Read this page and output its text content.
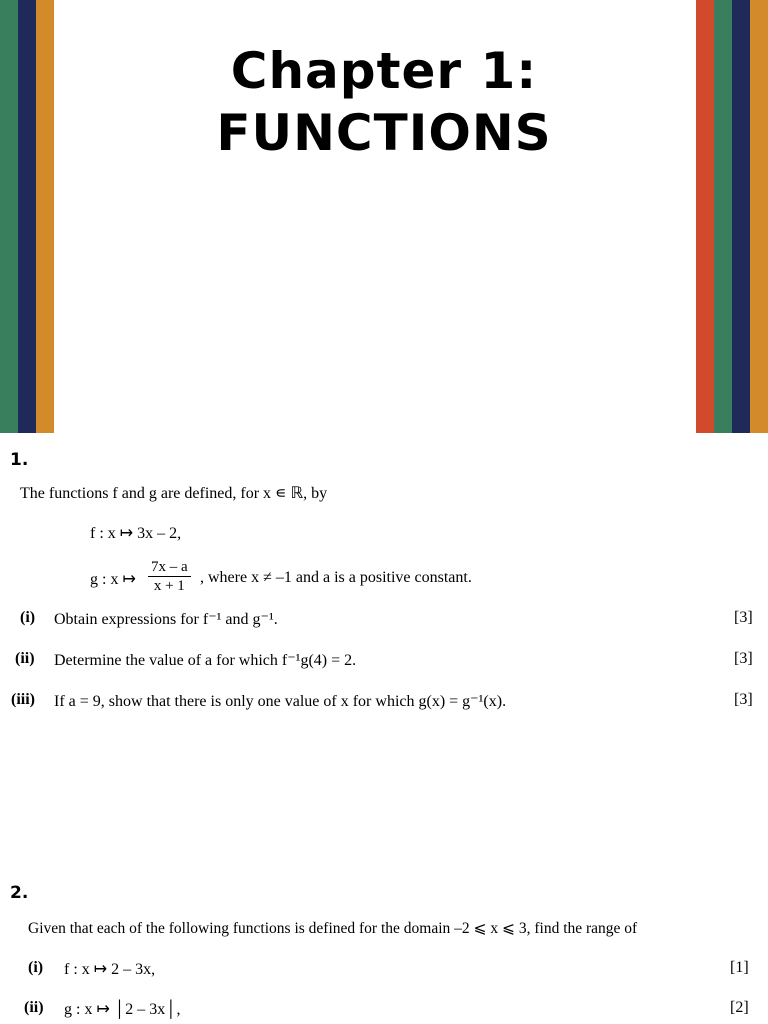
Chapter 1:
FUNCTIONS
1.
The functions f and g are defined, for x ∊ ℝ, by
f : x ↦ 3x – 2,
g : x ↦ $\frac{7x - a}{x + 1}$ , where x ≠ –1 and a is a positive constant.
(i) Obtain expressions for f⁻¹ and g⁻¹.	[3]
(ii) Determine the value of a for which f⁻¹g(4) = 2.	[3]
(iii) If a = 9, show that there is only one value of x for which g(x) = g⁻¹(x).	[3]
2.
Given that each of the following functions is defined for the domain –2 ⩽ x ⩽ 3, find the range of
(i) f : x ↦ 2 – 3x,	[1]
(ii) g : x ↦ │2 – 3x│,	[2]
